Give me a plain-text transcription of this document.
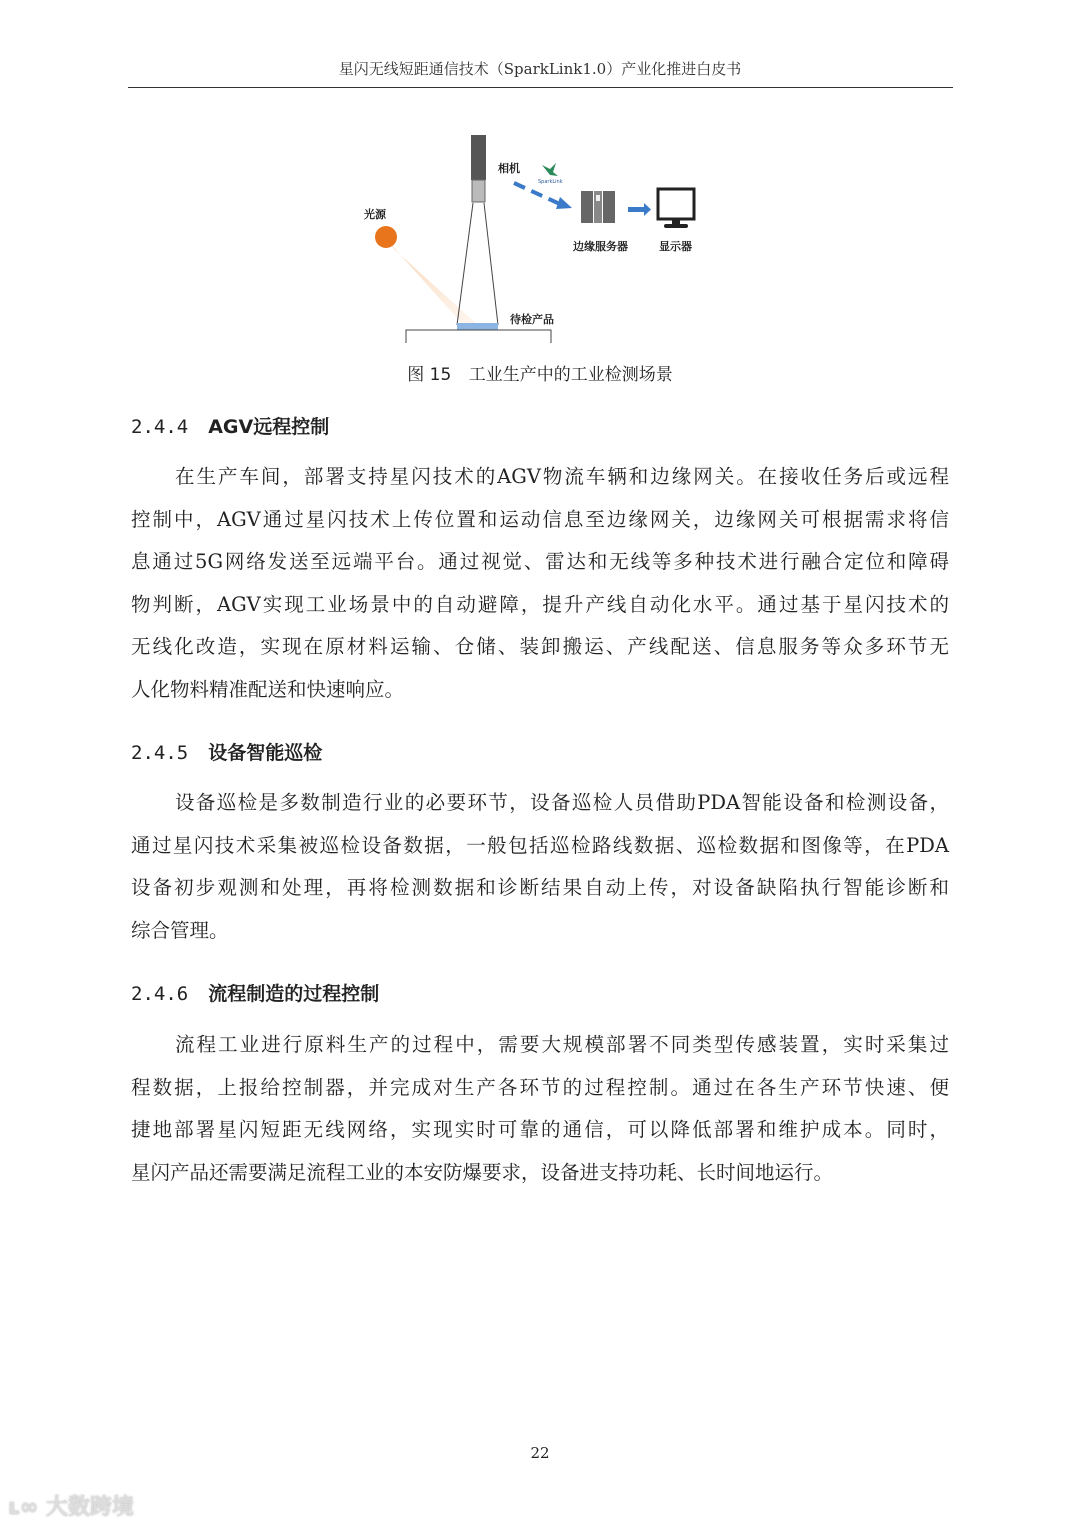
星闪无线短距通信技术（SparkLink1.0）产业化推进白皮书
光源
待检产品
相机
SparkLink
边缘服务器	显示器
图 15 工业生产中的工业检测场景
2.4.4 AGV远程控制
在生产车间，部署支持星闪技术的AGV物流车辆和边缘网关。在接收任务后或远程
控制中，AGV通过星闪技术上传位置和运动信息至边缘网关，边缘网关可根据需求将信
息通过5G网络发送至远端平台。通过视觉、雷达和无线等多种技术进行融合定位和障碍
物判断，AGV实现工业场景中的自动避障，提升产线自动化水平。通过基于星闪技术的
无线化改造，实现在原材料运输、仓储、装卸搬运、产线配送、信息服务等众多环节无
人化物料精准配送和快速响应。
2.4.5 设备智能巡检
设备巡检是多数制造行业的必要环节，设备巡检人员借助PDA智能设备和检测设备，
通过星闪技术采集被巡检设备数据，一般包括巡检路线数据、巡检数据和图像等，在PDA
设备初步观测和处理，再将检测数据和诊断结果自动上传，对设备缺陷执行智能诊断和
综合管理。
2.4.6 流程制造的过程控制
流程工业进行原料生产的过程中，需要大规模部署不同类型传感装置，实时采集过
程数据，上报给控制器，并完成对生产各环节的过程控制。通过在各生产环节快速、便
捷地部署星闪短距无线网络，实现实时可靠的通信，可以降低部署和维护成本。同时，
星闪产品还需要满足流程工业的本安防爆要求，设备进支持功耗、长时间地运行。
22
ʟ∞ 大数跨境
